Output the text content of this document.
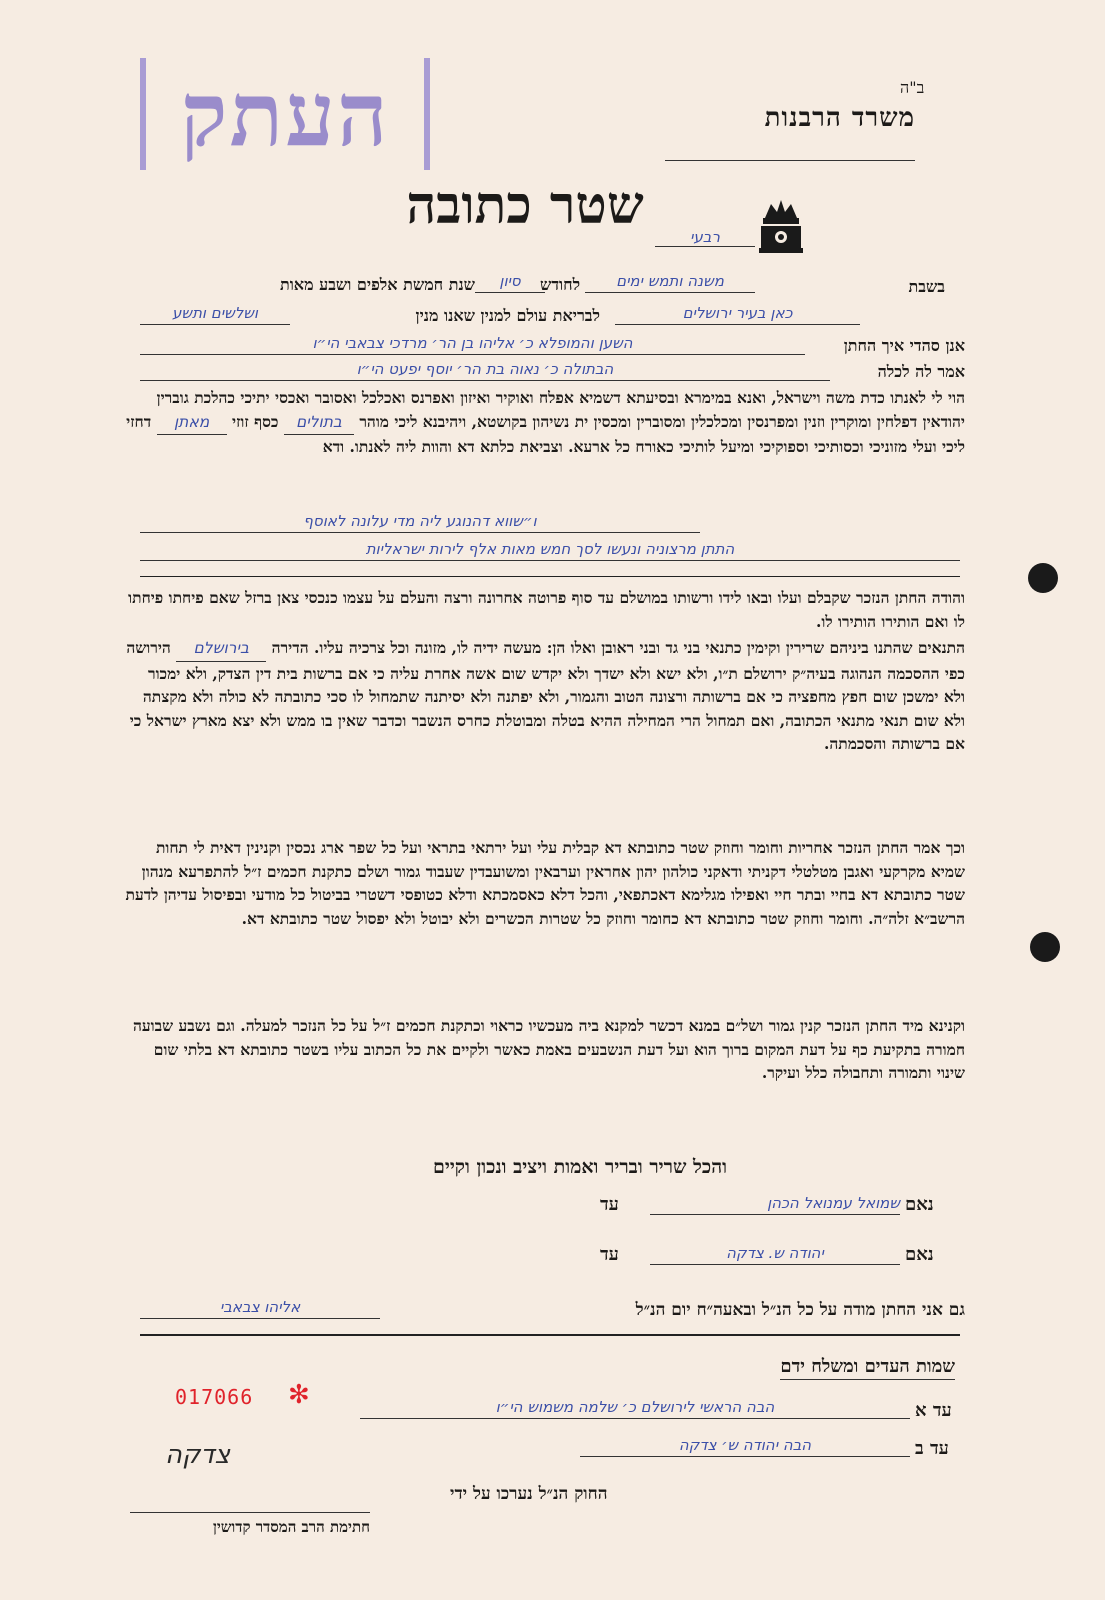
העתק	ב"ה
משרד הרבנות
שטר כתובה
רבעי
בשבת
משנה ותמש ימים
לחודש
סיון
שנת חמשת אלפים ושבע מאות
ושלשים ותשע	לבריאת עולם למנין שאנו מנין	כאן בעיר ירושלים
אנן סהדי איך החתן
השען והמופלא כ׳ אליהו בן הר׳ מרדכי צבאבי הי״ו
אמר לה לכלה
הבתולה כ׳ נאוה בת הר׳ יוסף יפעט הי״ו
הוי לי לאנתו כדת משה וישראל, ואנא במימרא ובסיעתא דשמיא אפלח ואוקיר ואיזון ואפרנס ואכלכל ואסובר ואכסי יתיכי כהלכת גוברין יהודאין דפלחין ומוקרין וזנין ומפרנסין ומכלכלין ומסוברין ומכסין ית נשיהון בקושטא, ויהיבנא ליכי מוהר בתולים כסף זוזי מאתן דחזי ליכי ועלי מזוניכי וכסותיכי וספוקיכי ומיעל לותיכי כאורח כל ארעא. וצביאת כלתא דא והוות ליה לאנתו. ודא
ו״שווא דהנוגע ליה מדי עלונה לאוסף
התתן מרצוניה ונעשו לסך חמש מאות אלף לירות ישראליות
והודה החתן הנזכר שקבלם ועלו ובאו לידו ורשותו במושלם עד סוף פרוטה אחרונה ורצה והעלם על עצמו כנכסי צאן ברזל שאם פיחתו פיחתו לו ואם הותירו הותירו לו.
התנאים שהתנו ביניהם שרירין וקימין כתנאי בני גד ובני ראובן ואלו הן: מעשה ידיה לו, מזונה וכל צרכיה עליו. הדירה בירושלם הירושה כפי ההסכמה הנהוגה בעיה״ק ירושלם ת״ו, ולא ישא ולא ישדך ולא יקדש שום אשה אחרת עליה כי אם ברשות בית דין הצדק, ולא ימכור ולא ימשכן שום חפץ מחפציה כי אם ברשותה ורצונה הטוב והגמור, ולא יפתנה ולא יסיתנה שתמחול לו סכי כתובתה לא כולה ולא מקצתה ולא שום תנאי מתנאי הכתובה, ואם תמחול הרי המחילה ההיא בטלה ומבוטלת כחרס הנשבר וכדבר שאין בו ממש ולא יצא מארץ ישראל כי אם ברשותה והסכמתה.
וכך אמר החתן הנזכר אחריות וחומר וחוזק שטר כתובתא דא קבלית עלי ועל ירתאי בתראי ועל כל שפר ארג נכסין וקנינין דאית לי תחות שמיא מקרקעי ואגבן מטלטלי דקניתי ודאקני כולהון יהון אחראין וערבאין ומשועבדין שעבוד גמור ושלם כתקנת חכמים ז״ל להתפרעא מנהון שטר כתובתא דא בחיי ובתר חיי ואפילו מגלימא דאכתפאי, והכל דלא כאסמכתא ודלא כטופסי דשטרי בביטול כל מודעי ובפיסול עדיהן לדעת הרשב״א זלה״ה. וחומר וחוזק שטר כתובתא דא כחומר וחוזק כל שטרות הכשרים ולא יבוטל ולא יפסול שטר כתובתא דא.
וקנינא מיד החתן הנזכר קנין גמור ושל״ם במנא דכשר למקנא ביה מעכשיו כראוי וכתקנת חכמים ז״ל על כל הנזכר למעלה. וגם נשבע שבועה חמורה בתקיעת כף על דעת המקום ברוך הוא ועל דעת הנשבעים באמת כאשר ולקיים את כל הכתוב עליו בשטר כתובתא דא בלתי שום שינוי ותמורה ותחבולה כלל ועיקר.
והכל שריר ובריר ואמות ויציב ונכון וקיים
נאם
שמואל עמנואל הכהן
עד
נאם
יהודה ש. צדקה
עד
גם אני החתן מודה על כל הנ״ל ובאעה״ח יום הנ״ל
אליהו צבאבי
שמות העדים ומשלח ידם
017066 ✻
עד א
הבה הראשי לירושלם כ׳ שלמה משמוש הי״ו
עד ב
הבה יהודה ש׳ צדקה
החוק הנ״ל נערכו על ידי
צדקה
חתימת הרב המסדר קדושין
